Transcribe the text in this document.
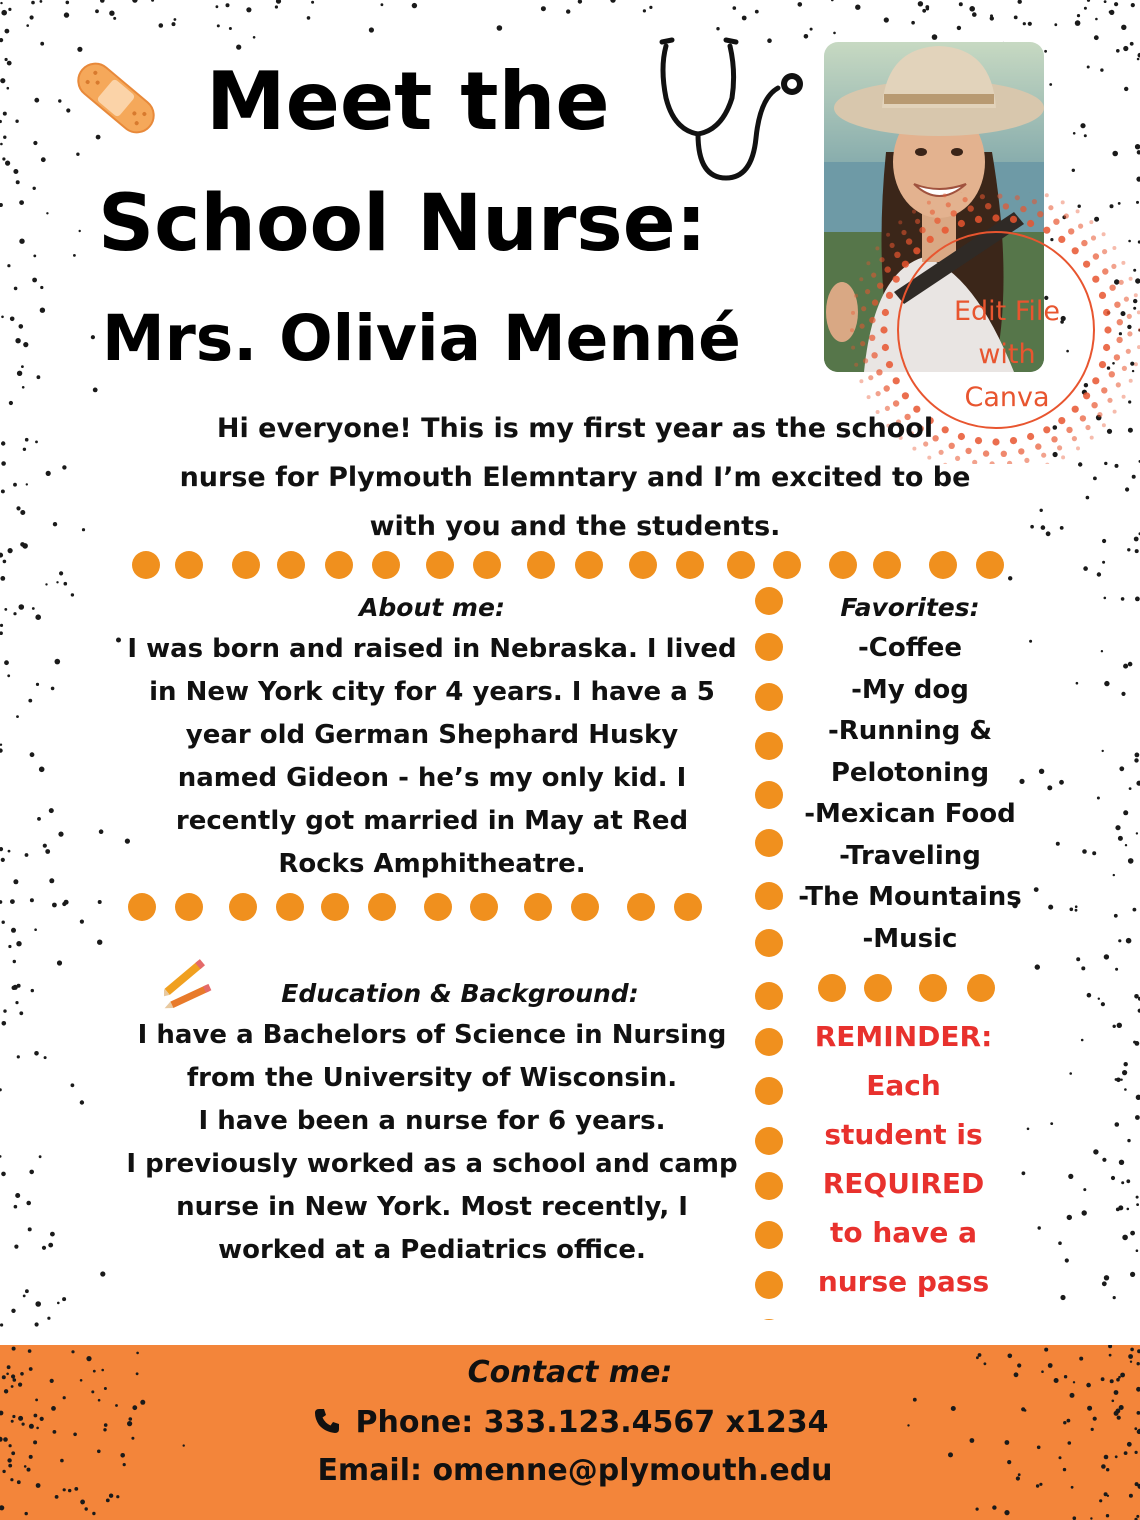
Meet the
School Nurse:
Mrs. Olivia Menné	Edit File
with
Canva
Hi everyone! This is my first year as the school
nurse for Plymouth Elemntary and I’m excited to be
with you and the students.
About me:
I was born and raised in Nebraska. I lived
in New York city for 4 years. I have a 5
year old German Shephard Husky
named Gideon - he’s my only kid. I
recently got married in May at Red
Rocks Amphitheatre.
Education & Background:
I have a Bachelors of Science in Nursing
from the University of Wisconsin.
I have been a nurse for 6 years.
I previously worked as a school and camp
nurse in New York. Most recently, I
worked at a Pediatrics office.
Favorites:
-Coffee
-My dog
-Running &
Pelotoning
-Mexican Food
-Traveling
-The Mountains
-Music
REMINDER:
Each
student is
REQUIRED
to have a
nurse pass
Contact me:
Phone: 333.123.4567 x1234
Email: omenne@plymouth.edu
